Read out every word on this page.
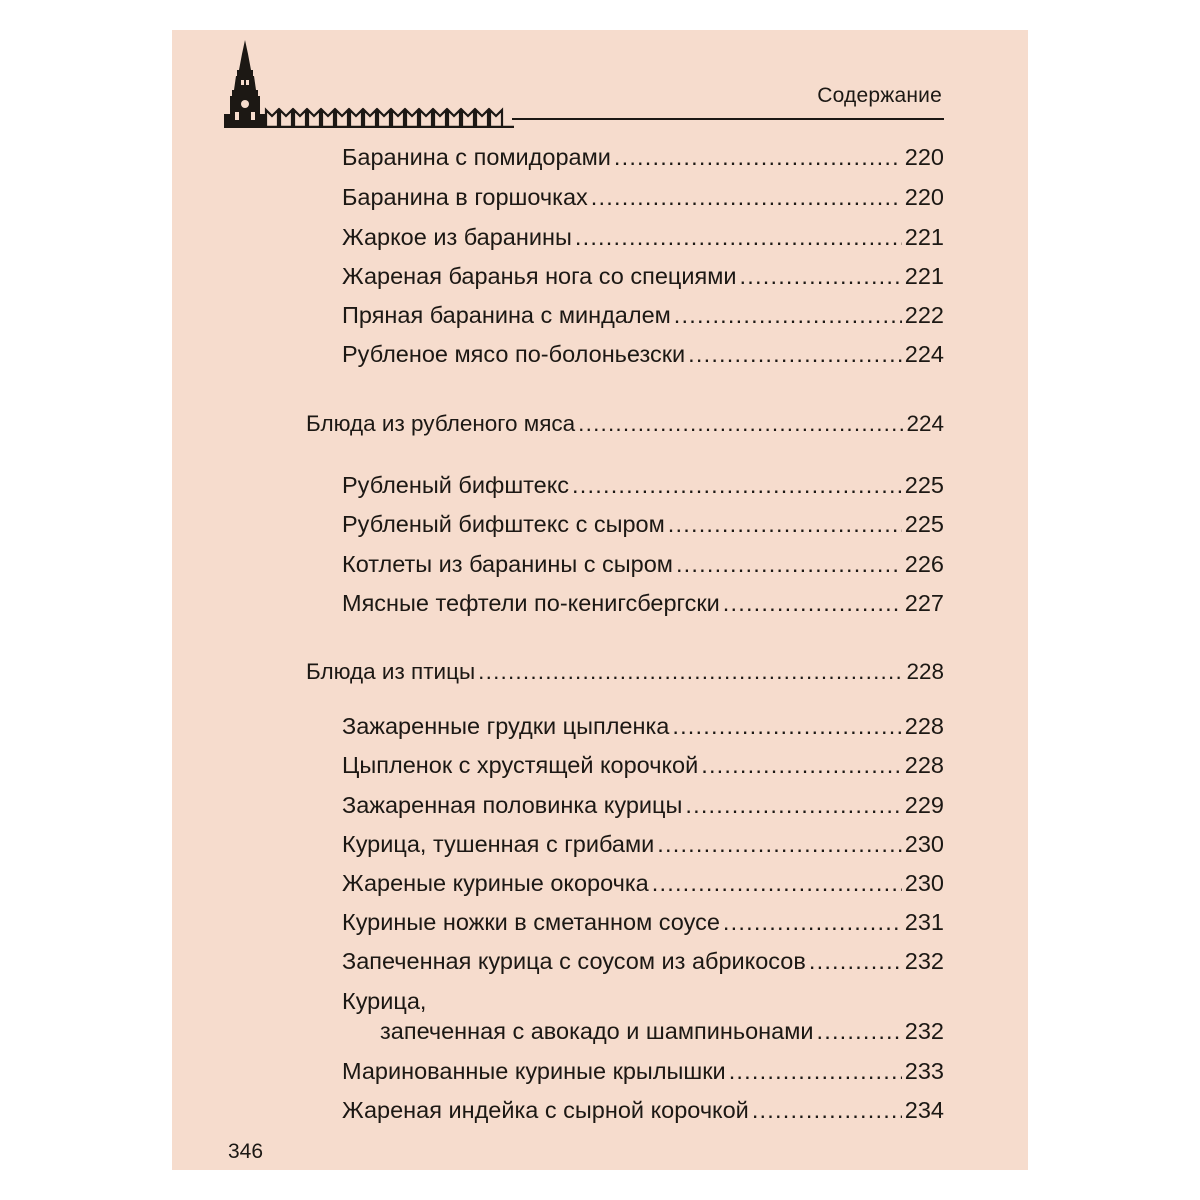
Содержание
Баранина с помидорами .....	220
Баранина в горшочках .....	220
Жаркое из баранины .....	221
Жареная баранья нога со специями .....	221
Пряная баранина с миндалем .....	222
Рубленое мясо по-болоньезски .....	224
Блюда из рубленого мяса .....	224
Рубленый бифштекс .....	225
Рубленый бифштекс с сыром .....	225
Котлеты из баранины с сыром .....	226
Мясные тефтели по-кенигсбергски .....	227
Блюда из птицы .....	228
Зажаренные грудки цыпленка .....	228
Цыпленок с хрустящей корочкой .....	228
Зажаренная половинка курицы .....	229
Курица, тушенная с грибами .....	230
Жареные куриные окорочка .....	230
Куриные ножки в сметанном соусе .....	231
Запеченная курица с соусом из абрикосов .....	232
Курица,
запеченная с авокадо и шампиньонами .....	232
Маринованные куриные крылышки .....	233
Жареная индейка с сырной корочкой .....	234
346
